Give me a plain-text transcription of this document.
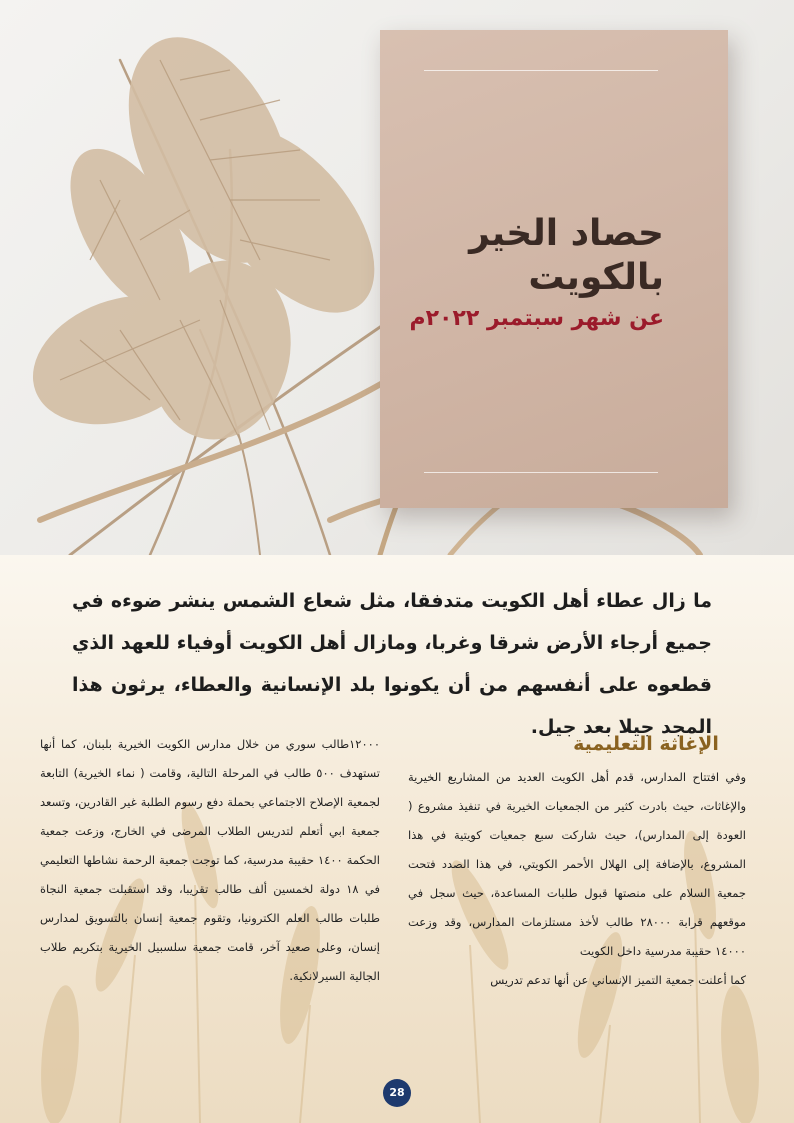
حصاد الخير بالكويت
عن شهر سبتمبر ٢٠٢٢م

ما زال عطاء أهل الكويت متدفقا، مثل شعاع الشمس ينشر ضوءه في جميع أرجاء الأرض شرقا وغربا، ومازال أهل الكويت أوفياء للعهد الذي قطعوه على أنفسهم من أن يكونوا بلد الإنسانية والعطاء، يرثون هذا المجد جيلا بعد جيل.

الإغاثة التعليمية

وفي افتتاح المدارس، قدم أهل الكويت العديد من المشاريع الخيرية والإغاثات، حيث بادرت كثير من الجمعيات الخيرية في تنفيذ مشروع ( العودة إلى المدارس)، حيث شاركت سبع جمعيات كويتية في هذا المشروع، بالإضافة إلى الهلال الأحمر الكويتي، في هذا الصدد فتحت جمعية السلام على منصتها قبول طلبات المساعدة، حيث سجل في موقعهم قرابة ٢٨٠٠٠ طالب لأخذ مستلزمات المدارس، وقد وزعت ١٤٠٠٠ حقيبة مدرسية داخل الكويت

كما أعلنت جمعية التميز الإنساني عن أنها تدعم تدريس

١٢٠٠٠طالب سوري من خلال مدارس الكويت الخيرية بلبنان، كما أنها تستهدف ٥٠٠ طالب في المرحلة التالية، وقامت ( نماء الخيرية) التابعة لجمعية الإصلاح الاجتماعي بحملة دفع رسوم الطلبة غير القادرين، وتسعد جمعية ابي أتعلم لتدريس الطلاب المرضى في الخارج، وزعت جمعية الحكمة ١٤٠٠ حقيبة مدرسية، كما توجت جمعية الرحمة نشاطها التعليمي في ١٨ دولة لخمسين ألف طالب تقريبا، وقد استقبلت جمعية النجاة طلبات طالب العلم الكترونيا، وتقوم جمعية إنسان بالتسويق لمدارس إنسان، وعلى صعيد آخر، قامت جمعية سلسبيل الخيرية بتكريم طلاب الجالية السيرلانكية.

28
